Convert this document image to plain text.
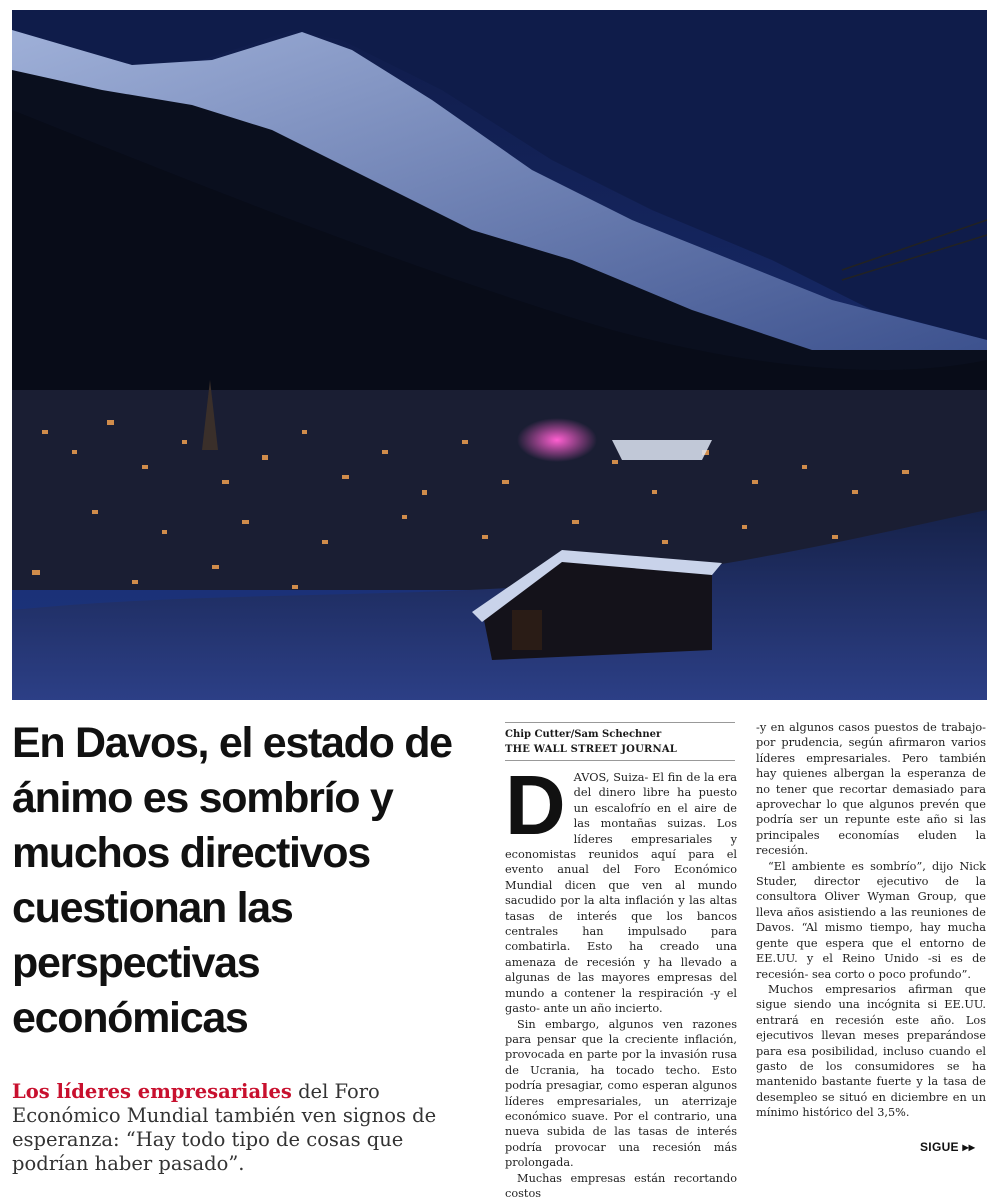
En Davos, el estado de ánimo es sombrío y muchos directivos cuestionan las perspectivas económicas

Los líderes empresariales del Foro Económico Mundial también ven signos de esperanza: “Hay todo tipo de cosas que podrían haber pasado”.

Chip Cutter/Sam Schechner
THE WALL STREET JOURNAL

DAVOS, Suiza- El fin de la era del dinero libre ha puesto un escalofrío en el aire de las montañas suizas. Los líderes empresariales y economistas reunidos aquí para el evento anual del Foro Económico Mundial dicen que ven al mundo sacudido por la alta inflación y las altas tasas de interés que los bancos centrales han impulsado para combatirla. Esto ha creado una amenaza de recesión y ha llevado a algunas de las mayores empresas del mundo a contener la respiración -y el gasto- ante un año incierto.

Sin embargo, algunos ven razones para pensar que la creciente inflación, provocada en parte por la invasión rusa de Ucrania, ha tocado techo. Esto podría presagiar, como esperan algunos líderes empresariales, un aterrizaje económico suave. Por el contrario, una nueva subida de las tasas de interés podría provocar una recesión más prolongada.

Muchas empresas están recortando costos

-y en algunos casos puestos de trabajo- por prudencia, según afirmaron varios líderes empresariales. Pero también hay quienes albergan la esperanza de no tener que recortar demasiado para aprovechar lo que algunos prevén que podría ser un repunte este año si las principales economías eluden la recesión.

“El ambiente es sombrío”, dijo Nick Studer, director ejecutivo de la consultora Oliver Wyman Group, que lleva años asistiendo a las reuniones de Davos. “Al mismo tiempo, hay mucha gente que espera que el entorno de EE.UU. y el Reino Unido -si es de recesión- sea corto o poco profundo”.

Muchos empresarios afirman que sigue siendo una incógnita si EE.UU. entrará en recesión este año. Los ejecutivos llevan meses preparándose para esa posibilidad, incluso cuando el gasto de los consumidores se ha mantenido bastante fuerte y la tasa de desempleo se situó en diciembre en un mínimo histórico del 3,5%.

SIGUE ▸▸
